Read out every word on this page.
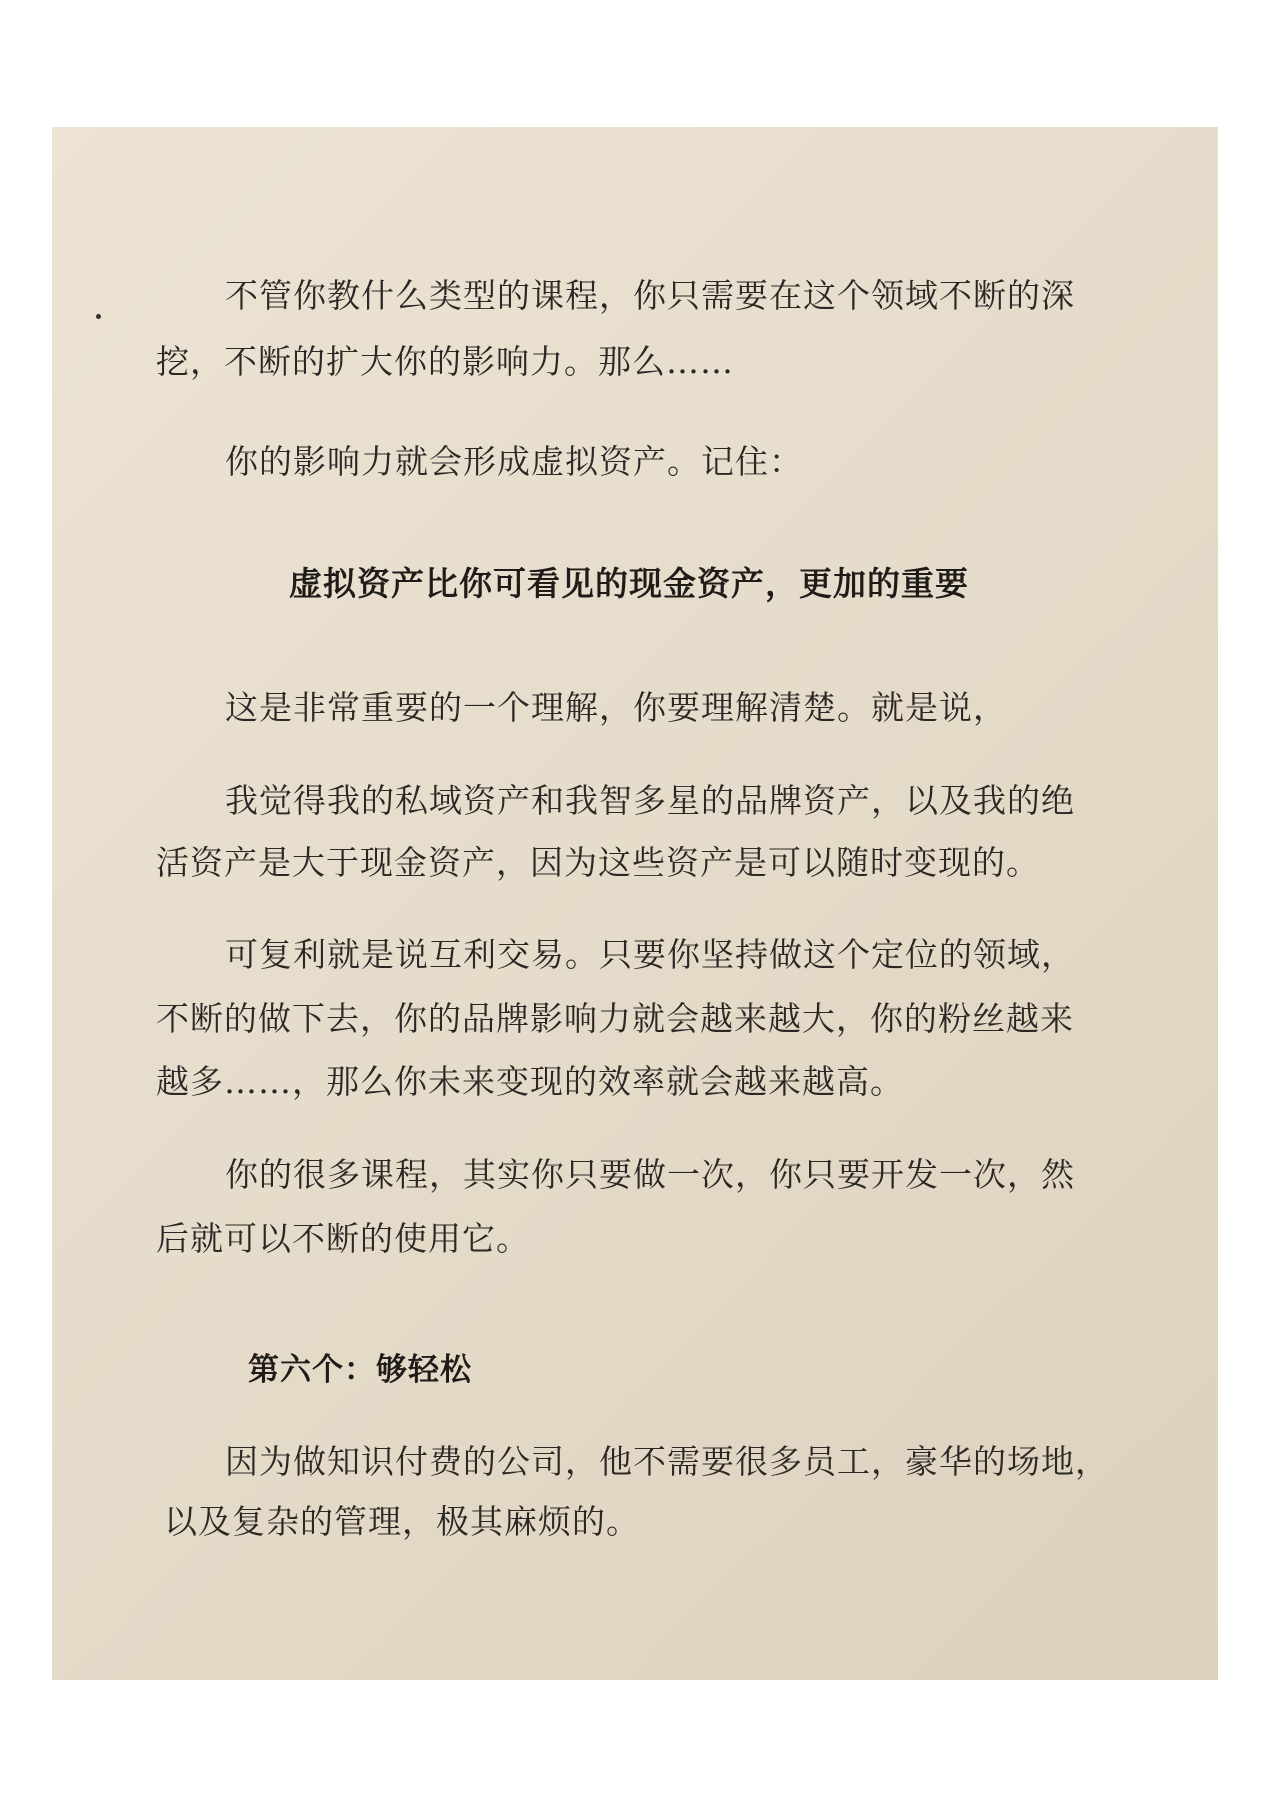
不管你教什么类型的课程，你只需要在这个领域不断的深

挖，不断的扩大你的影响力。那么……

你的影响力就会形成虚拟资产。记住：

虚拟资产比你可看见的现金资产，更加的重要

这是非常重要的一个理解，你要理解清楚。就是说，

我觉得我的私域资产和我智多星的品牌资产，以及我的绝

活资产是大于现金资产，因为这些资产是可以随时变现的。

可复利就是说互利交易。只要你坚持做这个定位的领域，

不断的做下去，你的品牌影响力就会越来越大，你的粉丝越来

越多……，那么你未来变现的效率就会越来越高。

你的很多课程，其实你只要做一次，你只要开发一次，然

后就可以不断的使用它。

第六个：够轻松

因为做知识付费的公司，他不需要很多员工，豪华的场地，

以及复杂的管理，极其麻烦的。
